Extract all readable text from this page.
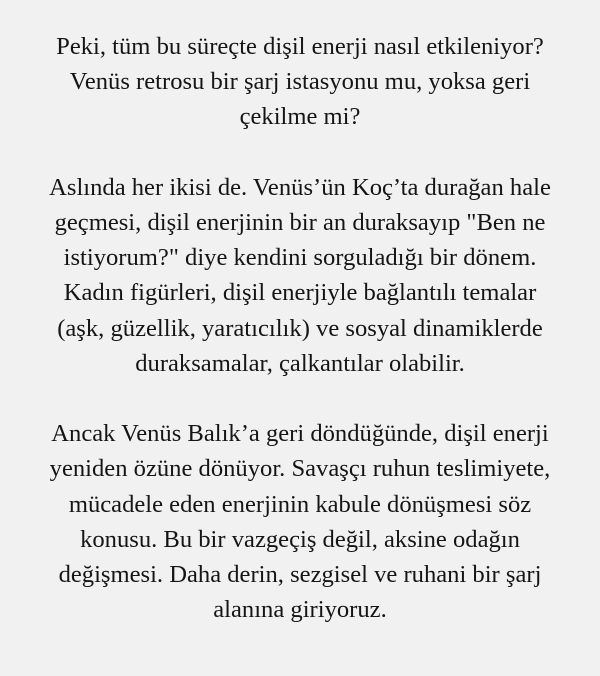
Peki, tüm bu süreçte dişil enerji nasıl etkileniyor?
Venüs retrosu bir şarj istasyonu mu, yoksa geri
çekilme mi?

Aslında her ikisi de. Venüs’ün Koç’ta durağan hale
geçmesi, dişil enerjinin bir an duraksayıp "Ben ne
istiyorum?" diye kendini sorguladığı bir dönem.
Kadın figürleri, dişil enerjiyle bağlantılı temalar
(aşk, güzellik, yaratıcılık) ve sosyal dinamiklerde
duraksamalar, çalkantılar olabilir.

Ancak Venüs Balık’a geri döndüğünde, dişil enerji
yeniden özüne dönüyor. Savaşçı ruhun teslimiyete,
mücadele eden enerjinin kabule dönüşmesi söz
konusu. Bu bir vazgeçiş değil, aksine odağın
değişmesi. Daha derin, sezgisel ve ruhani bir şarj
alanına giriyoruz.
